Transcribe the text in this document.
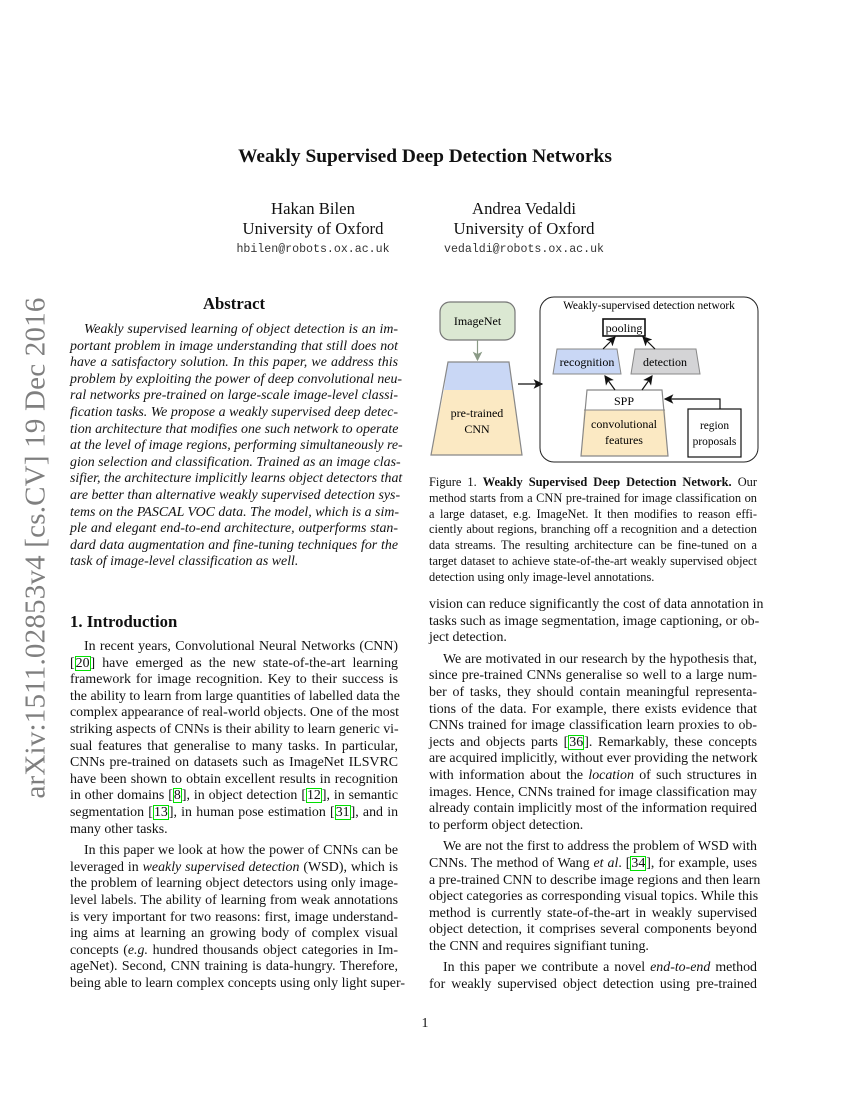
arXiv:1511.02853v4 [cs.CV] 19 Dec 2016
Weakly Supervised Deep Detection Networks
Hakan Bilen
University of Oxford
hbilen@robots.ox.ac.uk
Andrea Vedaldi
University of Oxford
vedaldi@robots.ox.ac.uk
Abstract
Weakly supervised learning of object detection is an im-
portant problem in image understanding that still does not
have a satisfactory solution. In this paper, we address this
problem by exploiting the power of deep convolutional neu-
ral networks pre-trained on large-scale image-level classi-
fication tasks. We propose a weakly supervised deep detec-
tion architecture that modifies one such network to operate
at the level of image regions, performing simultaneously re-
gion selection and classification. Trained as an image clas-
sifier, the architecture implicitly learns object detectors that
are better than alternative weakly supervised detection sys-
tems on the PASCAL VOC data. The model, which is a sim-
ple and elegant end-to-end architecture, outperforms stan-
dard data augmentation and fine-tuning techniques for the
task of image-level classification as well.
1. Introduction
In recent years, Convolutional Neural Networks (CNN)
[20] have emerged as the new state-of-the-art learning
framework for image recognition. Key to their success is
the ability to learn from large quantities of labelled data the
complex appearance of real-world objects. One of the most
striking aspects of CNNs is their ability to learn generic vi-
sual features that generalise to many tasks. In particular,
CNNs pre-trained on datasets such as ImageNet ILSVRC
have been shown to obtain excellent results in recognition
in other domains [8], in object detection [12], in semantic
segmentation [13], in human pose estimation [31], and in
many other tasks.
In this paper we look at how the power of CNNs can be
leveraged in weakly supervised detection (WSD), which is
the problem of learning object detectors using only image-
level labels. The ability of learning from weak annotations
is very important for two reasons: first, image understand-
ing aims at learning an growing body of complex visual
concepts (e.g. hundred thousands object categories in Im-
ageNet). Second, CNN training is data-hungry. Therefore,
being able to learn complex concepts using only light super-
ImageNet
pre-trained
CNN
Weakly-supervised detection network
pooling
recognition detection
SPP
convolutional
features
region
proposals
Figure 1. Weakly Supervised Deep Detection Network. Our
method starts from a CNN pre-trained for image classification on
a large dataset, e.g. ImageNet. It then modifies to reason effi-
ciently about regions, branching off a recognition and a detection
data streams. The resulting architecture can be fine-tuned on a
target dataset to achieve state-of-the-art weakly supervised object
detection using only image-level annotations.
vision can reduce significantly the cost of data annotation in
tasks such as image segmentation, image captioning, or ob-
ject detection.
We are motivated in our research by the hypothesis that,
since pre-trained CNNs generalise so well to a large num-
ber of tasks, they should contain meaningful representa-
tions of the data. For example, there exists evidence that
CNNs trained for image classification learn proxies to ob-
jects and objects parts [36]. Remarkably, these concepts
are acquired implicitly, without ever providing the network
with information about the location of such structures in
images. Hence, CNNs trained for image classification may
already contain implicitly most of the information required
to perform object detection.
We are not the first to address the problem of WSD with
CNNs. The method of Wang et al. [34], for example, uses
a pre-trained CNN to describe image regions and then learn
object categories as corresponding visual topics. While this
method is currently state-of-the-art in weakly supervised
object detection, it comprises several components beyond
the CNN and requires signifiant tuning.
In this paper we contribute a novel end-to-end method
for weakly supervised object detection using pre-trained
1
